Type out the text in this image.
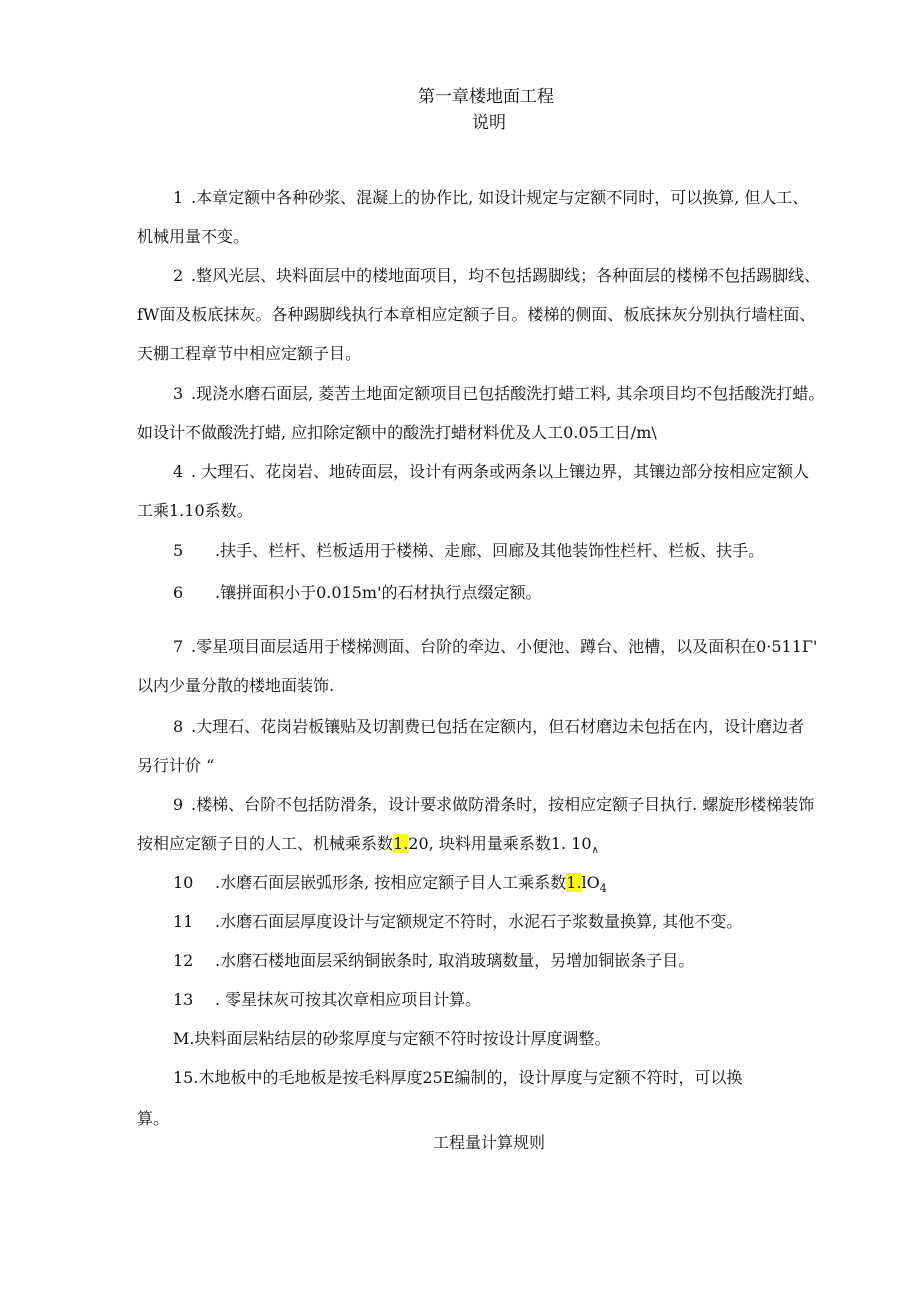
第一章楼地面工程
说明
1 .本章定额中各种砂浆、混凝上的协作比, 如设计规定与定额不同时，可以换算, 但人工、
机械用量不变。
2 .整风光层、块料面层中的楼地面项目，均不包括踢脚线；各种面层的楼梯不包括踢脚线、
fW面及板底抹灰。各种踢脚线执行本章相应定额子目。楼梯的侧面、板底抹灰分别执行墙柱面、
天棚工程章节中相应定额子目。
3 .现浇水磨石面层, 菱苦土地面定额项目已包括酸洗打蜡工料, 其余项目均不包括酸洗打蜡。
如设计不做酸洗打蜡, 应扣除定额中的酸洗打蜡材料优及人工0.05工日/m\
4 . 大理石、花岗岩、地砖面层，设计有两条或两条以上镶边界，其镶边部分按相应定额人
工乘1.10系数。
5 .扶手、栏杆、栏板适用于楼梯、走廊、回廊及其他装饰性栏杆、栏板、扶手。
6 .镶拼面积小于0.015m'的石材执行点缀定额。
7 .零星项目面层适用于楼梯测面、台阶的牵边、小便池、蹲台、池槽，以及面积在0·511Γ'
以内少量分散的楼地面装饰.
8 .大理石、花岗岩板镶贴及切割费已包括在定额内，但石材磨边未包括在内，设计磨边者
另行计价 “
9 .楼梯、台阶不包括防滑条，设计要求做防滑条时，按相应定额子目执行. 螺旋形楼梯装饰
按相应定额子日的人工、机械乘系数1.20, 块料用量乘系数1. $10_\wedge$
10 .水磨石面层嵌弧形条, 按相应定额子目人工乘系数$1.lO_4$
11 .水磨石面层厚度设计与定额规定不符时，水泥石子浆数量换算, 其他不变。
12 .水磨石楼地面层采纳铜嵌条时, 取消玻璃数量，另增加铜嵌条子目。
13 . 零星抹灰可按其次章相应项目计算。
M.块料面层粘结层的砂浆厚度与定额不符时按设计厚度调整。
15.木地板中的毛地板是按毛料厚度25E编制的，设计厚度与定额不符时，可以换
算。
工程量计算规则
